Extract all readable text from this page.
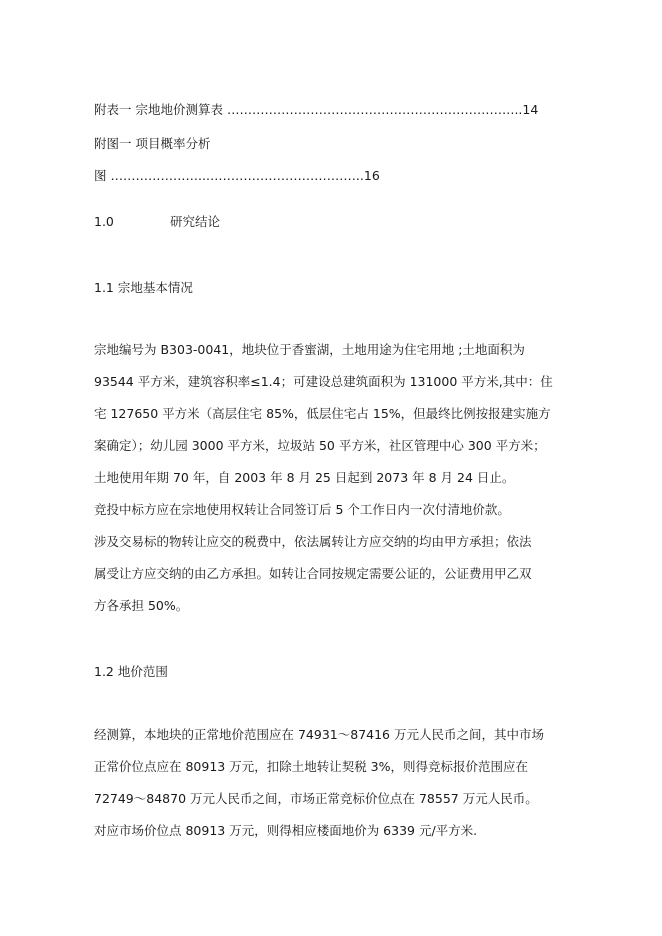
附表一 宗地地价测算表 ……………………………………………………………..14
附图一 项目概率分析
图 …………………..………………………………..16
1.0	研究结论
1.1 宗地基本情况
宗地编号为 B303-0041，地块位于香蜜湖，土地用途为住宅用地 ;土地面积为
93544 平方米，建筑容积率≤1.4；可建设总建筑面积为 131000 平方米,其中：住
宅 127650 平方米（高层住宅 85%，低层住宅占 15%，但最终比例按报建实施方
案确定）；幼儿园 3000 平方米，垃圾站 50 平方米，社区管理中心 300 平方米；
土地使用年期 70 年，自 2003 年 8 月 25 日起到 2073 年 8 月 24 日止。
竞投中标方应在宗地使用权转让合同签订后 5 个工作日内一次付清地价款。
涉及交易标的物转让应交的税费中，依法属转让方应交纳的均由甲方承担；依法
属受让方应交纳的由乙方承担。如转让合同按规定需要公证的，公证费用甲乙双
方各承担 50%。
1.2 地价范围
经测算，本地块的正常地价范围应在 74931～87416 万元人民币之间，其中市场
正常价位点应在 80913 万元，扣除土地转让契税 3%，则得竞标报价范围应在
72749～84870 万元人民币之间，市场正常竞标价位点在 78557 万元人民币。
对应市场价位点 80913 万元，则得相应楼面地价为 6339 元/平方米.
